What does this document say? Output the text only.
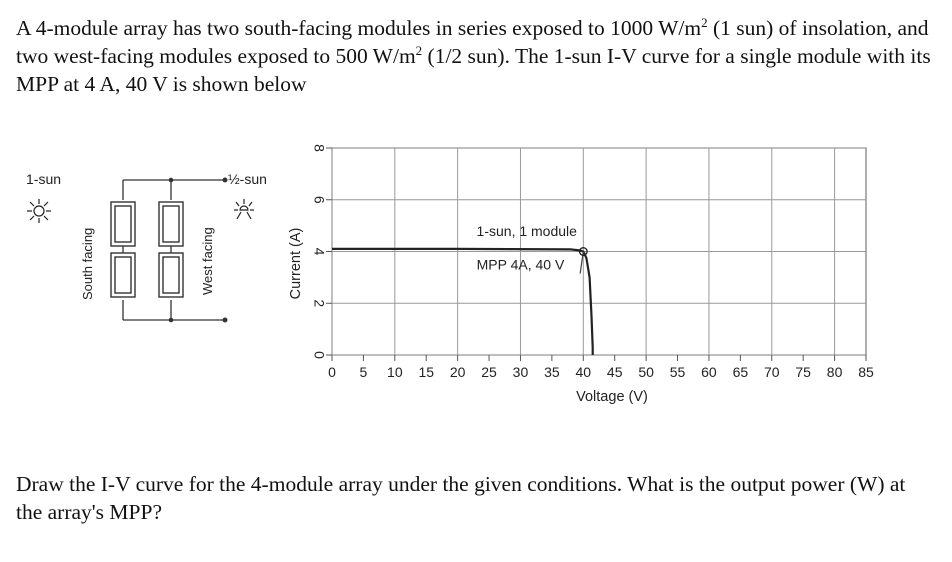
A 4-module array has two south-facing modules in series exposed to 1000 $W/m^2$ (1 sun) of insolation, and two west-facing modules exposed to 500 $W/m^2$ (1/2 sun). The 1-sun I-V curve for a single module with its MPP at 4 A, 40 V is shown below

1-sun
South facing	West facing
½-sun
0 5 10 15 20 25 30 35 40 45 50 55 60 65 70 75 80 85
0
2
4
6
8
1-sun, 1 module
MPP 4A, 40 V
Voltage (V)
Current (A)

Draw the I-V curve for the 4-module array under the given conditions. What is the output power (W) at the array's MPP?
